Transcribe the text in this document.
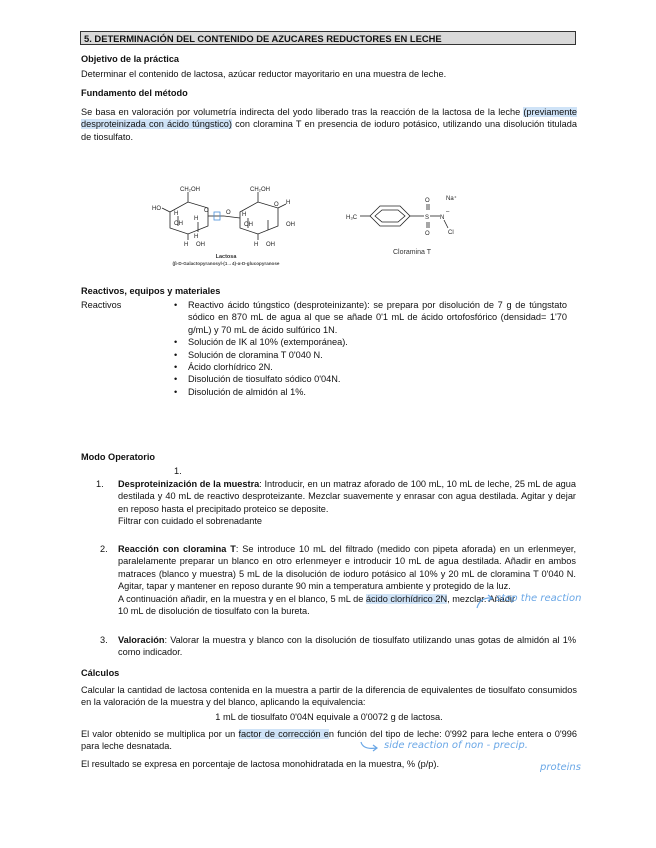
5. DETERMINACIÓN DEL CONTENIDO DE AZUCARES REDUCTORES EN LECHE
Objetivo de la práctica
Determinar el contenido de lactosa, azúcar reductor mayoritario en una muestra de leche.
Fundamento del método
Se basa en valoración por volumetría indirecta del yodo liberado tras la reacción de la lactosa de la leche (previamente desproteinizada con ácido túngstico) con cloramina T en presencia de ioduro potásico, utilizando una disolución titulada de tiosulfato.
CH₂OH	CH₂OH
HO
H
OH
H
O
H
H OH
O H
OH
O H
OH
H OH
Lactosa
(β-D-Galactopyranosyl-(1→4)-α-D-glucopyranose
H₃C	S
O
O
N
–
Cl
Na⁺
Cloramina T
Reactivos, equipos y materiales
Reactivos
•	Reactivo ácido túngstico (desproteinizante): se prepara por disolución de 7 g de túngstato sódico en 870 mL de agua al que se añade 0'1 mL de ácido ortofosfórico (densidad= 1'70 g/mL) y 70 mL de ácido sulfúrico 1N.
• Solución de IK al 10% (extemporánea).
• Solución de cloramina T 0'040 N.
• Ácido clorhídrico 2N.
• Disolución de tiosulfato sódico 0'04N.
• Disolución de almidón al 1%.
Modo Operatorio
1.
1. Desproteinización de la muestra: Introducir, en un matraz aforado de 100 mL, 10 mL de leche, 25 mL de agua destilada y 40 mL de reactivo desproteizante. Mezclar suavemente y enrasar con agua destilada. Agitar y dejar en reposo hasta el precipitado proteico se deposite.
Filtrar con cuidado el sobrenadante
2. Reacción con cloramina T: Se introduce 10 mL del filtrado (medido con pipeta aforada) en un erlenmeyer, paralelamente preparar un blanco en otro erlenmeyer e introducir 10 mL de agua destilada. Añadir en ambos matraces (blanco y muestra) 5 mL de la disolución de ioduro potásico al 10% y 20 mL de cloramina T 0'040 N. Agitar, tapar y mantener en reposo durante 90 min a temperatura ambiente y protegido de la luz.
A continuación añadir, en la muestra y en el blanco, 5 mL de ácido clorhídrico 2N, mezclar. Añadir 10 mL de disolución de tiosulfato con la bureta.
3. Valoración: Valorar la muestra y blanco con la disolución de tiosulfato utilizando unas gotas de almidón al 1% como indicador.
Cálculos
Calcular la cantidad de lactosa contenida en la muestra a partir de la diferencia de equivalentes de tiosulfato consumidos en la valoración de la muestra y del blanco, aplicando la equivalencia:
1 mL de tiosulfato 0'04N equivale a 0'0072 g de lactosa.
El valor obtenido se multiplica por un factor de corrección en función del tipo de leche: 0'992 para leche entera o 0'996 para leche desnatada.
El resultado se expresa en porcentaje de lactosa monohidratada en la muestra, % (p/p).
stop the reaction
side reaction of non - precip.
proteins
